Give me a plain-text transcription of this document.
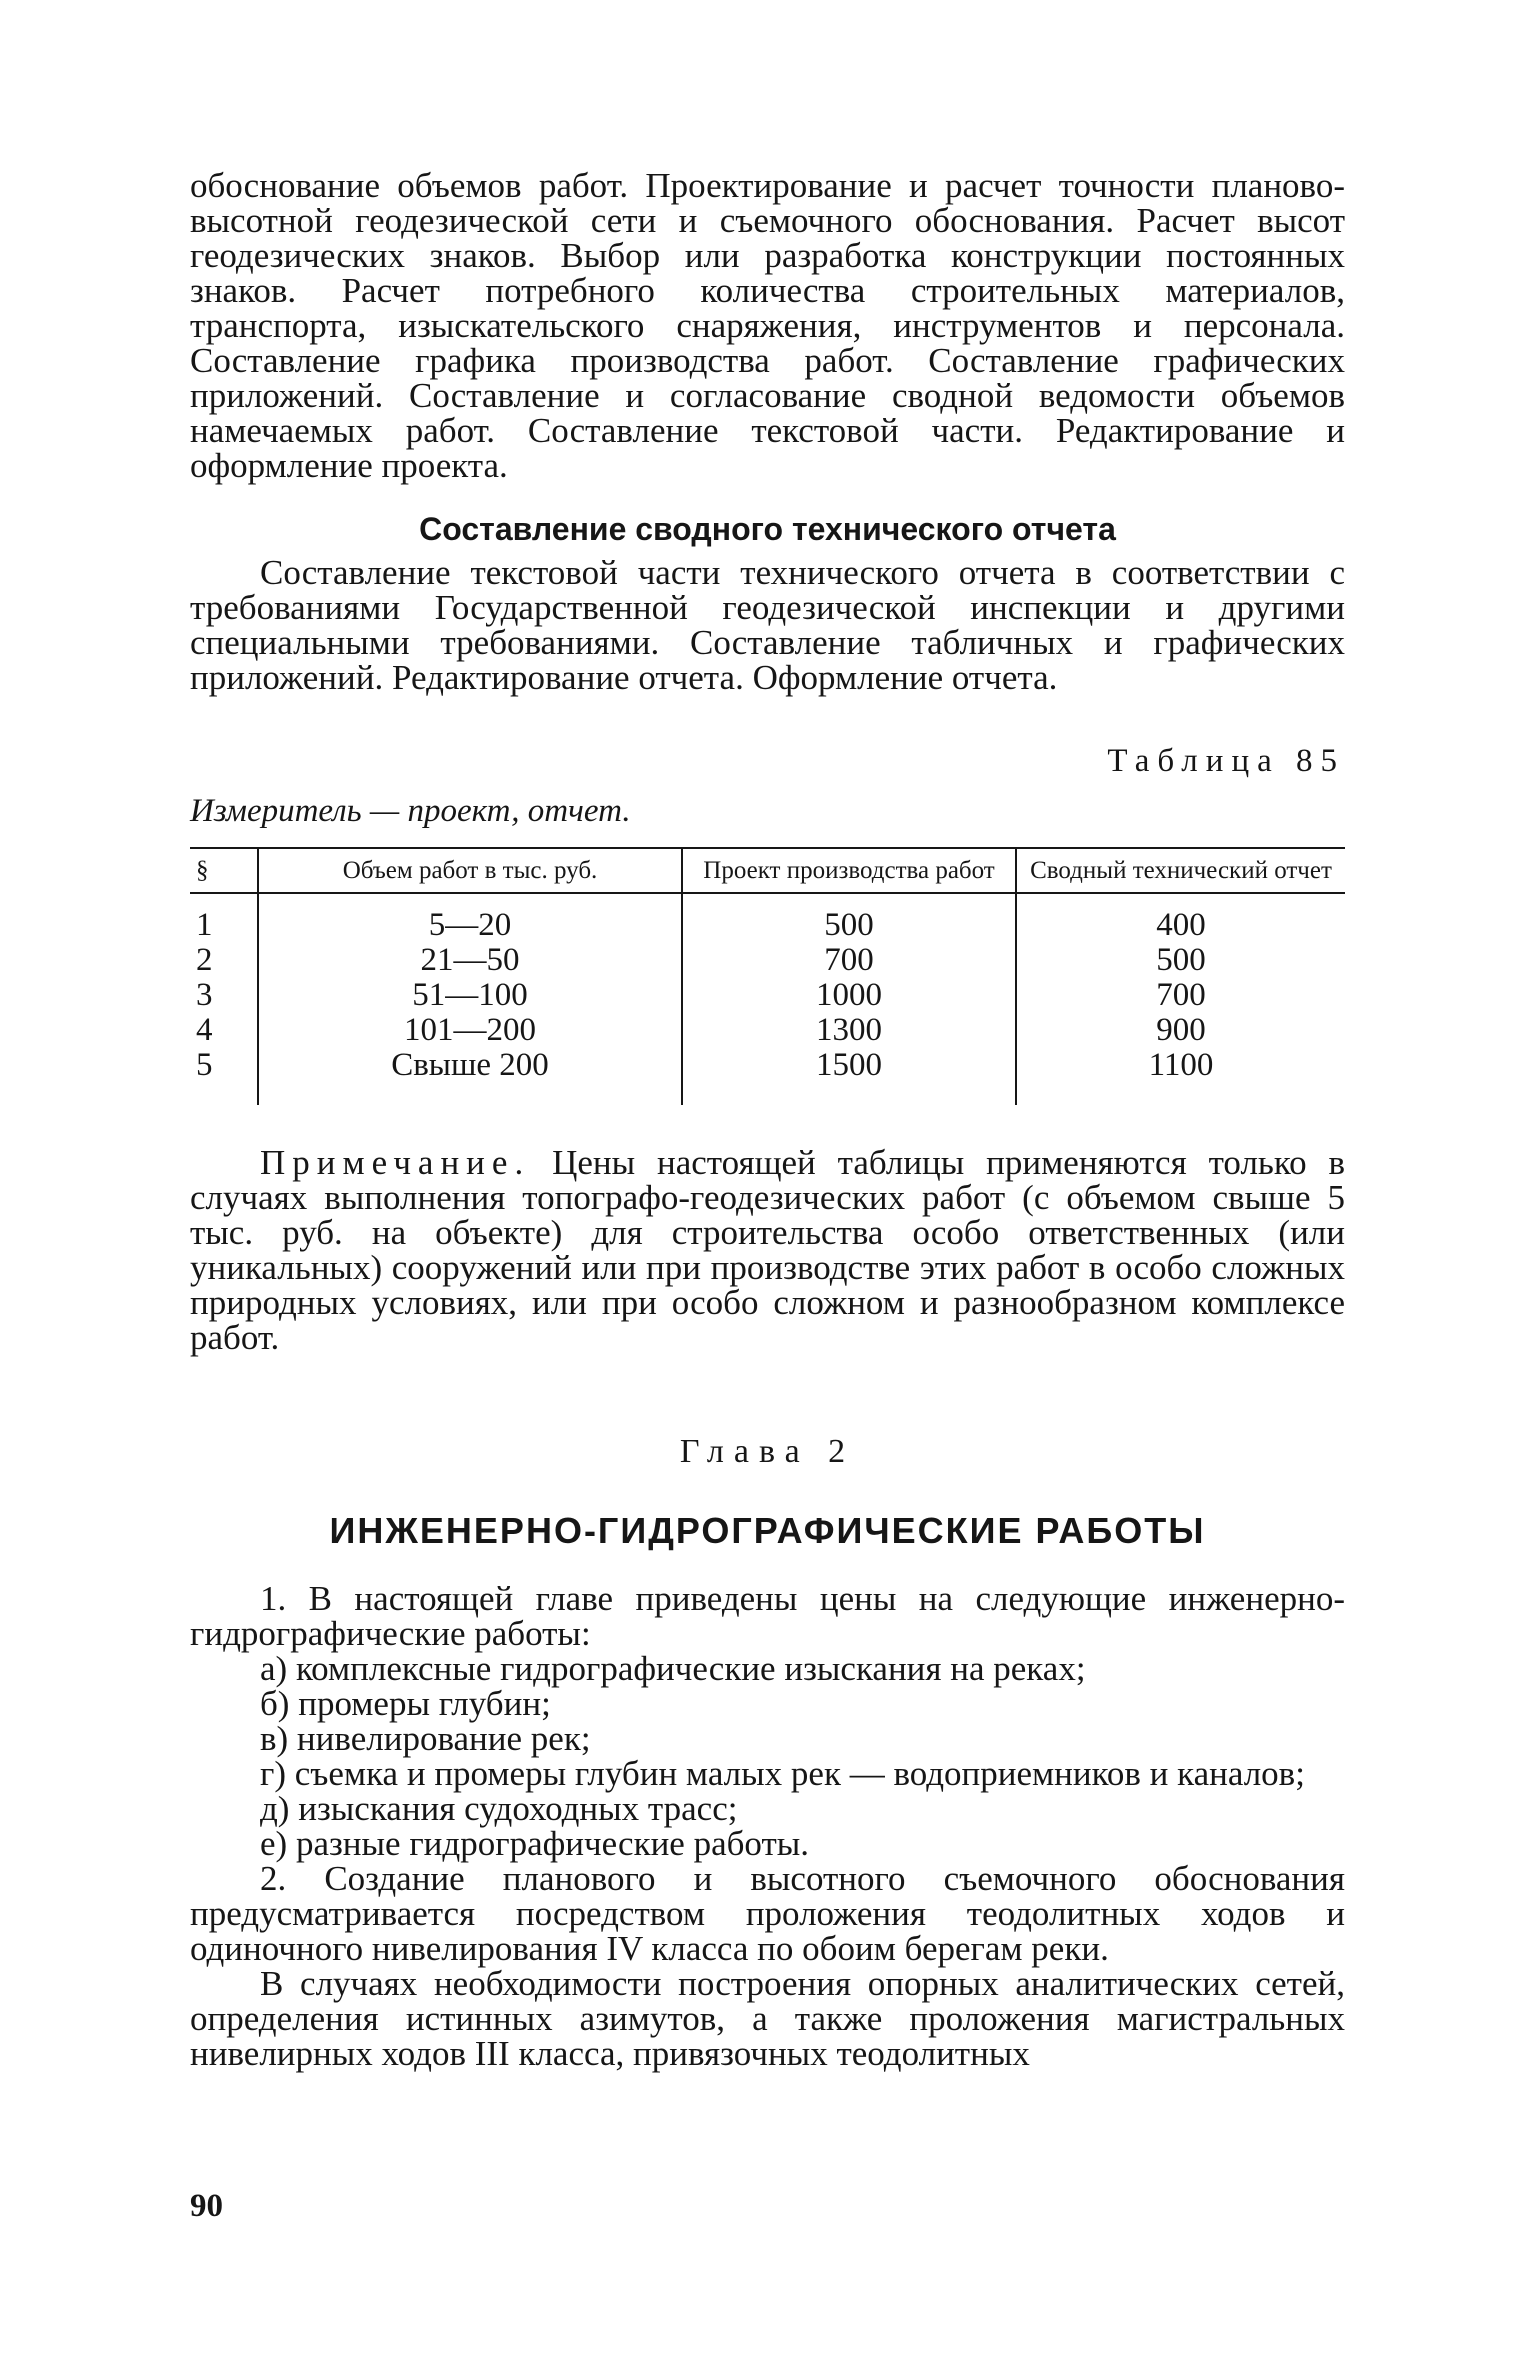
обоснование объемов работ. Проектирование и расчет точности планово-высотной геодезической сети и съемочного обоснования. Расчет высот геодезических знаков. Выбор или разработка конструкции постоянных знаков. Расчет потребного количества строительных материалов, транспорта, изыскательского снаряжения, инструментов и персонала. Составление графика производства работ. Составление графических приложений. Составление и согласование сводной ведомости объемов намечаемых работ. Составление текстовой части. Редактирование и оформление проекта.

Составление сводного технического отчета

Составление текстовой части технического отчета в соответствии с требованиями Государственной геодезической инспекции и другими специальными требованиями. Составление табличных и графических приложений. Редактирование отчета. Оформление отчета.

Таблица 85
Измеритель — проект, отчет.
§	Объем работ в тыс. руб.	Проект производства работ	Сводный технический отчет
1	5—20	500	400
2	21—50	700	500
3	51—100	1000	700
4	101—200	1300	900
5	Свыше 200	1500	1100

Примечание. Цены настоящей таблицы применяются только в случаях выполнения топографо-геодезических работ (с объемом свыше 5 тыс. руб. на объекте) для строительства особо ответственных (или уникальных) сооружений или при производстве этих работ в особо сложных природных условиях, или при особо сложном и разнообразном комплексе работ.

Глава 2
ИНЖЕНЕРНО-ГИДРОГРАФИЧЕСКИЕ РАБОТЫ

1. В настоящей главе приведены цены на следующие инженерно-гидрографические работы:

а) комплексные гидрографические изыскания на реках;

б) промеры глубин;

в) нивелирование рек;

г) съемка и промеры глубин малых рек — водоприемников и каналов;

д) изыскания судоходных трасс;

е) разные гидрографические работы.

2. Создание планового и высотного съемочного обоснования предусматривается посредством проложения теодолитных ходов и одиночного нивелирования IV класса по обоим берегам реки.

В случаях необходимости построения опорных аналитических сетей, определения истинных азимутов, а также проложения магистральных нивелирных ходов III класса, привязочных теодолитных

90
